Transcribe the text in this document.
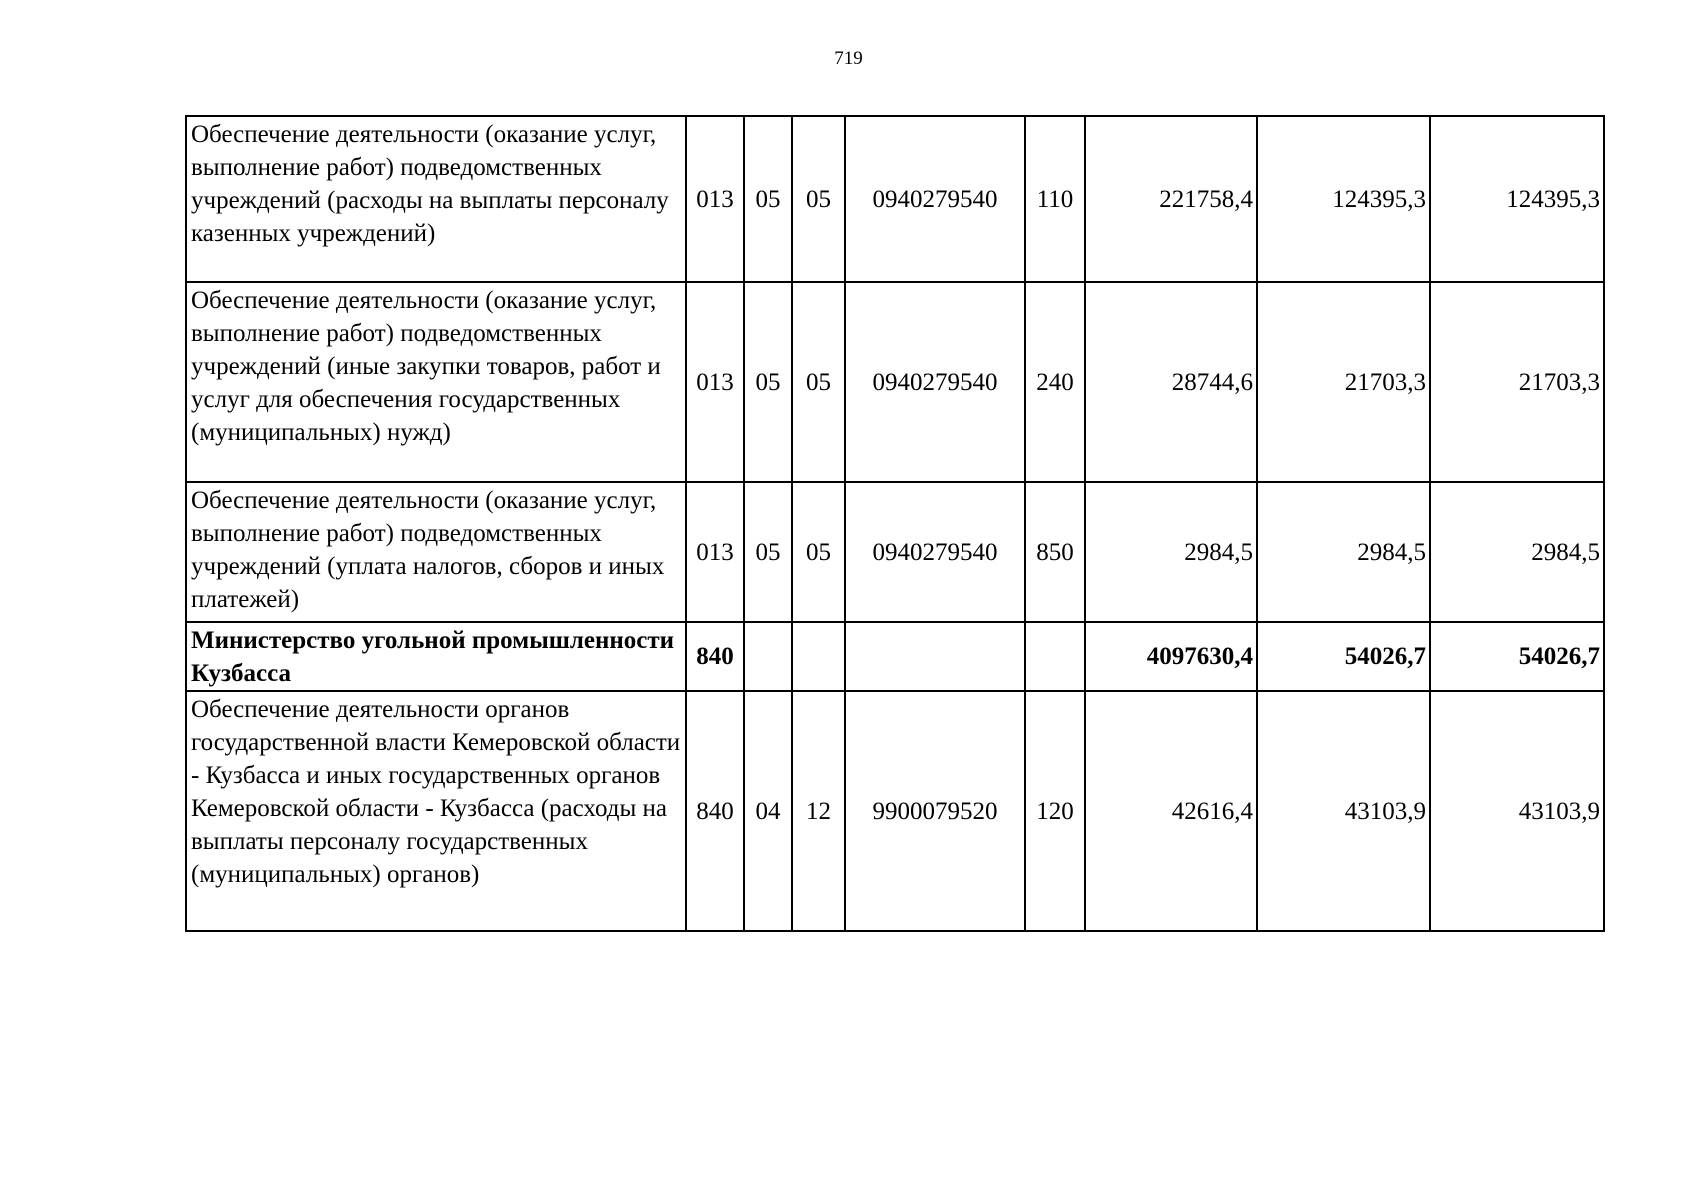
719
Обеспечение деятельности (оказание услуг, выполнение работ) подведомственных учреждений (расходы на выплаты персоналу казенных учреждений)	013	05	05	0940279540	110	221758,4	124395,3	124395,3
Обеспечение деятельности (оказание услуг, выполнение работ) подведомственных учреждений (иные закупки товаров, работ и услуг для обеспечения государственных (муниципальных) нужд)	013	05	05	0940279540	240	28744,6	21703,3	21703,3
Обеспечение деятельности (оказание услуг, выполнение работ) подведомственных учреждений (уплата налогов, сборов и иных платежей)	013	05	05	0940279540	850	2984,5	2984,5	2984,5
Министерство угольной промышленности Кузбасса	840					4097630,4	54026,7	54026,7
Обеспечение деятельности органов государственной власти Кемеровской области - Кузбасса и иных государственных органов Кемеровской области - Кузбасса (расходы на выплаты персоналу государственных (муниципальных) органов)	840	04	12	9900079520	120	42616,4	43103,9	43103,9
